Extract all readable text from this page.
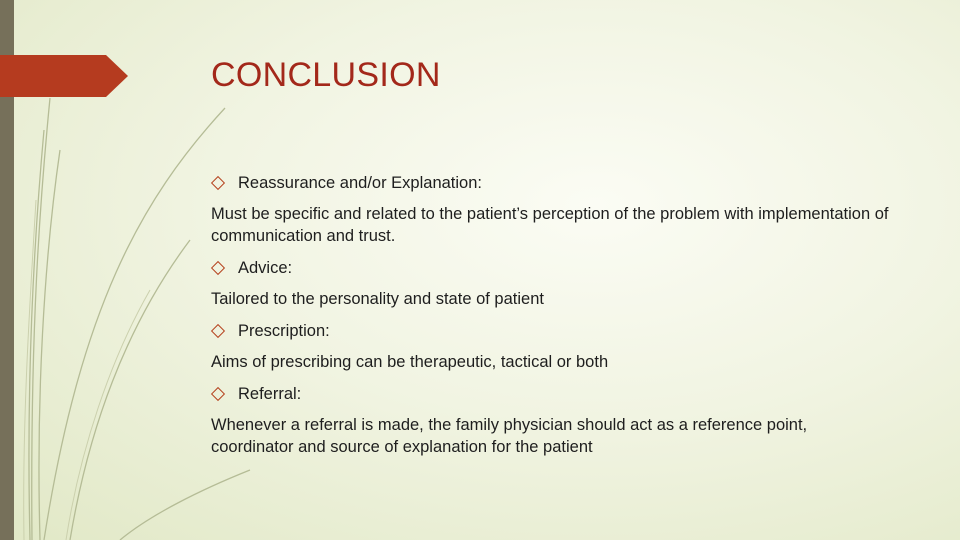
CONCLUSION
Reassurance and/or Explanation:
Must be specific and related to the patient’s perception of the problem with implementation of communication and trust.
Advice:
Tailored to the personality and state of patient
Prescription:
Aims of prescribing can be therapeutic, tactical or both
Referral:
Whenever a referral is made, the family physician should act as a reference point, coordinator and source of explanation for the patient
